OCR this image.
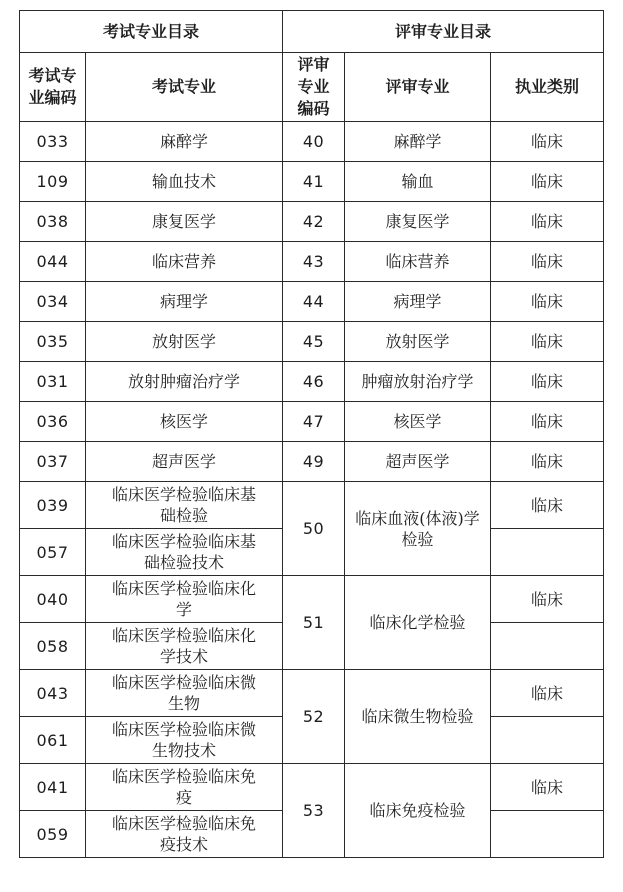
考试专业目录		评审专业目录		
考试专业编码	考试专业	评审专业编码	评审专业	执业类别
033	麻醉学	40	麻醉学	临床
109	输血技术	41	输血	临床
038	康复医学	42	康复医学	临床
044	临床营养	43	临床营养	临床
034	病理学	44	病理学	临床
035	放射医学	45	放射医学	临床
031	放射肿瘤治疗学	46	肿瘤放射治疗学	临床
036	核医学	47	核医学	临床
037	超声医学	49	超声医学	临床
039	临床医学检验临床基础检验	50	临床血液(体液)学检验	临床
057	临床医学检验临床基础检验技术			
040	临床医学检验临床化学	51	临床化学检验	临床
058	临床医学检验临床化学技术			
043	临床医学检验临床微生物	52	临床微生物检验	临床
061	临床医学检验临床微生物技术			
041	临床医学检验临床免疫	53	临床免疫检验	临床
059	临床医学检验临床免疫技术			
